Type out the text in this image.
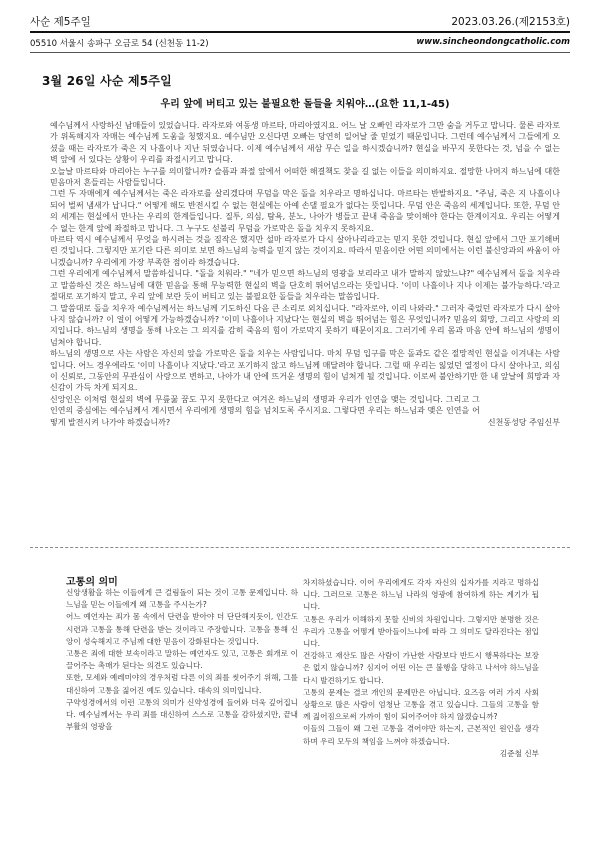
사순 제5주일	2023.03.26.(제2153호)
05510 서울시 송파구 오금로 54 (신천동 11-2)	www.sincheondongcatholic.com
3월 26일 사순 제5주일
우리 앞에 버티고 있는 불필요한 돌들을 치워야…(요한 11,1-45)

예수님께서 사랑하신 남매들이 있었습니다. 라자로와 여동생 마르타, 마리아였지요. 어느 날 오빠인 라자로가 그만 숨을 거두고 맙니다. 물론 라자로가 위독해지자 자매는 예수님께 도움을 청했지요. 예수님만 오신다면 오빠는 당연히 일어날 줄 믿었기 때문입니다. 그런데 예수님께서 그들에게 오셨을 때는 라자로가 죽은 지 나흘이나 지난 뒤였습니다. 이제 예수님께서 새삼 무슨 일을 하시겠습니까? 현실을 바꾸지 못한다는 것, 넘을 수 없는 벽 앞에 서 있다는 상황이 우리를 좌절시키고 맙니다.

오늘날 마르타와 마리아는 누구를 의미할니까? 슬픔과 좌절 앞에서 어떠한 해결책도 찾을 길 없는 이들을 의미하지요. 절망한 나머지 하느님에 대한 믿음마저 흔들리는 사람들입니다.

그런 두 자매에게 예수님께서는 죽은 라자로를 살리겠다며 무덤을 막은 돌을 치우라고 명하십니다. 마르타는 반발하지요. "주님, 죽은 지 나흘이나 되어 벌써 냄새가 납니다." 어떻게 해도 반전시킬 수 없는 현실에는 아예 손댈 필요가 없다는 뜻입니다. 무덤 안은 죽음의 세계입니다. 또한, 무덤 안의 세계는 현실에서 만나는 우리의 한계들입니다. 질투, 의심, 탐욕, 분노, 나아가 병들고 끝내 죽음을 맞이해야 한다는 한계이지요. 우리는 어떻게 수 없는 한계 앞에 좌절하고 맙니다. 그 누구도 섣불리 무덤을 가로막은 돌을 치우지 못하지요.

마르타 역시 예수님께서 무엇을 하시려는 것을 짐작은 했지만 설마 라자로가 다시 살아나리라고는 믿지 못한 것입니다. 현실 앞에서 그만 포기해버린 것입니다. 그렇지만 포기란 다른 의미로 보면 하느님의 능력을 믿지 않는 것이지요. 따라서 믿음이란 어떤 의미에서는 이런 불신앙과의 싸움이 아니겠습니까? 우리에게 가장 부족한 점이라 하겠습니다.

그런 우리에게 예수님께서 말씀하십니다. "돌을 치워라." "네가 믿으면 하느님의 영광을 보리라고 내가 말하지 않았느냐?" 예수님께서 돌을 치우라고 말씀하신 것은 하느님에 대한 믿음을 통해 무능력한 현실의 벽을 단호히 뛰어넘으라는 뜻입니다. '이미 나흘이나 지나 이제는 불가능하다.'라고 절대로 포기하지 말고, 우리 앞에 보란 듯이 버티고 있는 불필요한 돌들을 치우라는 말씀입니다.

그 말씀대로 돌을 치우자 예수님께서는 하느님께 기도하신 다음 큰 소리로 외치십니다. "라자로야, 이리 나와라." 그러자 죽었던 라자로가 다시 살아나지 않습니까? 이 얼이 어떻게 가능하겠습니까? '이미 나흘이나 지났다'는 현실의 벽을 뛰어넘는 힘은 무엇입니까? 믿음의 회망, 그리고 사랑의 의지입니다. 하느님의 생명을 통해 나오는 그 의지를 감히 죽음의 힘이 가로막지 못하기 때문이지요. 그러기에 우리 몸과 마음 안에 하느님의 생명이 넘쳐야 합니다.

하느님의 생명으로 사는 사람은 자신의 앞을 가로막은 돌을 치우는 사람입니다. 마치 무덤 입구를 막은 돌과도 같은 절망적인 현실을 이겨내는 사람입니다. 어느 경우에라도 '이미 나흘이나 지났다.'라고 포기하지 않고 하느님께 매달려야 합니다. 그럴 때 우리는 잃었던 열정이 다시 살아나고, 의심이 신뢰로, 그동안의 무관심이 사랑으로 변하고, 나아가 내 안에 뜨거운 생명의 힘이 넘쳐게 될 것입니다. 이로써 불안하기만 한 내 앞날에 희망과 자신감이 가득 차게 되지요.

신앙인은 이처럼 현실의 벽에 무릎꿇 꿈도 꾸지 못한다고 여겨온 하느님의 생명과 우리가 인연을 맺는 것입니다. 그리고 그 인연의 중심에는 예수님께서 계시면서 우리에게 생명의 힘을 넘치도록 주시지요. 그렇다면 우리는 하느님과 맺은 인연을 어떻게 발전시켜 나가야 하겠습니까?	신천동성당 주임신부
고통의 의미

신앙생활을 하는 이들에게 큰 걸림돌이 되는 것이 고통 문제입니다. 하느님을 믿는 이들에게 왜 고통을 주시는가?

어느 예언자는 죄가 몸 속에서 단련을 받아야 더 단단해지듯이, 인간도 시련과 고통을 통해 단련을 받는 것이라고 주장합니다. 고통을 통해 신앙이 성숙해지고 주님께 대한 믿음이 강화된다는 것입니다.

고통은 죄에 대한 보속이라고 말하는 예언자도 있고, 고통은 회개로 이끌어주는 촉매가 된다는 의견도 있습니다.

또한, 모세와 예레미야의 경우처럼 다른 이의 죄를 씻어주기 위해, 그를 대신하여 고통을 짊어진 예도 있습니다. 대속의 의미입니다.

구약성경에서의 이런 고통의 의미가 신약성경에 들어와 더욱 깊어집니다. 예수님께서는 우리 죄를 대신하여 스스로 고통을 감하셨지만, 끝내 부활의 영광을

차지하셨습니다. 이어 우리에게도 각자 자신의 십자가를 지라고 명하십니다. 그러므로 고통은 하느님 나라의 영광에 참여하게 하는 계기가 됩니다.

고통은 우리가 이해하지 못할 신비의 차원입니다. 그렇지만 분명한 것은 우리가 고통을 어떻게 받아들이느냐에 따라 그 의미도 달라진다는 점입니다.

건강하고 재산도 많은 사람이 가난한 사람보다 반드시 행복하다는 보장은 없지 않습니까? 심지어 어떤 이는 큰 불행을 당하고 나서야 하느님을 다시 발견하기도 합니다.

고통의 문제는 결코 개인의 문제만은 아닙니다. 요즈음 여러 가지 사회 상황으로 많은 사람이 엄청난 고통을 겪고 있습니다. 그들의 고통을 함께 짊어짐으로써 가까이 힘이 되어주어야 하지 않겠습니까?

이들의 그들이 왜 그런 고통을 겪어야만 하는지, 근본적인 원인을 생각하며 우리 모두의 책임을 느껴야 하겠습니다.

김준철 신부
